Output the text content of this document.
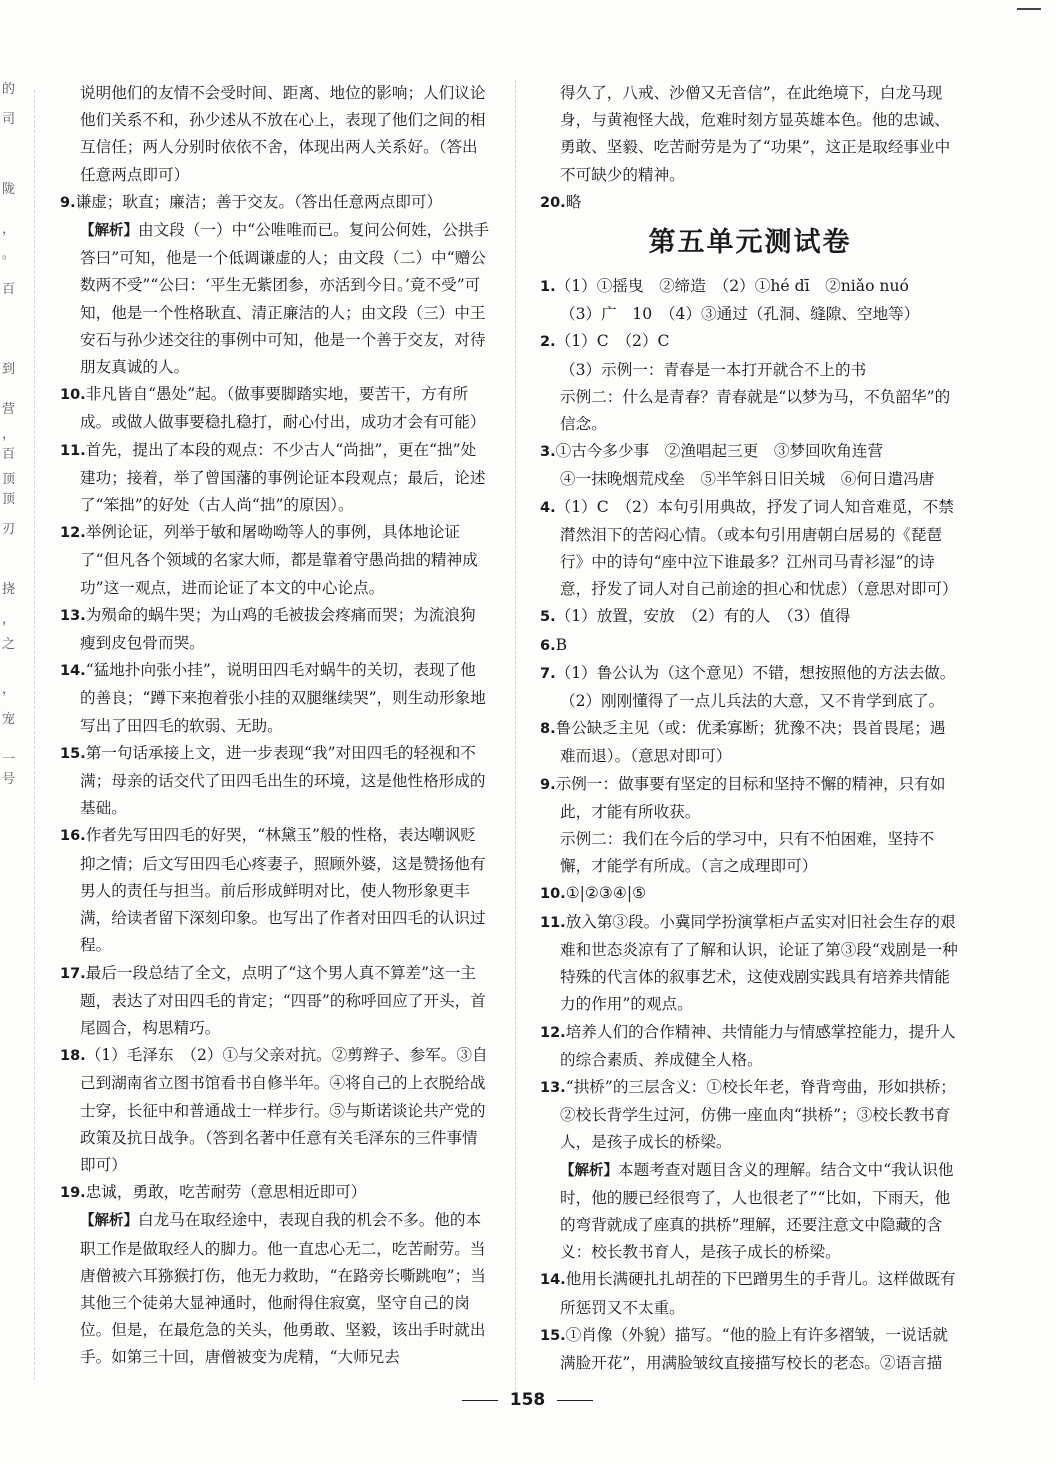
的
司
陇
，
。
百
到
营
，
百
顶
顶
刃
挠
，
之
，
宠
一
号

说明他们的友情不会受时间、距离、地位的影响；人们议论他们关系不和，孙少述从不放在心上，表现了他们之间的相互信任；两人分别时依依不舍，体现出两人关系好。（答出任意两点即可）

9.谦虚；耿直；廉洁；善于交友。（答出任意两点即可）

【解析】由文段（一）中“公唯唯而已。复问公何姓，公拱手答曰”可知，他是一个低调谦虚的人；由文段（二）中“赠公数两不受”“公曰：‘平生无紫团参，亦活到今日。’竟不受”可知，他是一个性格耿直、清正廉洁的人；由文段（三）中王安石与孙少述交往的事例中可知，他是一个善于交友，对待朋友真诚的人。

10.非凡皆自“愚处”起。（做事要脚踏实地，要苦干，方有所成。或做人做事要稳扎稳打，耐心付出，成功才会有可能）

11.首先，提出了本段的观点：不少古人“尚拙”，更在“拙”处建功；接着，举了曾国藩的事例论证本段观点；最后，论述了“笨拙”的好处（古人尚“拙”的原因）。

12.举例论证，列举于敏和屠呦呦等人的事例，具体地论证了“但凡各个领域的名家大师，都是靠着守愚尚拙的精神成功”这一观点，进而论证了本文的中心论点。

13.为殒命的蜗牛哭；为山鸡的毛被拔会疼痛而哭；为流浪狗瘦到皮包骨而哭。

14.“猛地扑向张小挂”，说明田四毛对蜗牛的关切，表现了他的善良；“蹲下来抱着张小挂的双腿继续哭”，则生动形象地写出了田四毛的软弱、无助。

15.第一句话承接上文，进一步表现“我”对田四毛的轻视和不满；母亲的话交代了田四毛出生的环境，这是他性格形成的基础。

16.作者先写田四毛的好哭，“林黛玉”般的性格，表达嘲讽贬抑之情；后文写田四毛心疼妻子，照顾外婆，这是赞扬他有男人的责任与担当。前后形成鲜明对比，使人物形象更丰满，给读者留下深刻印象。也写出了作者对田四毛的认识过程。

17.最后一段总结了全文，点明了“这个男人真不算差”这一主题，表达了对田四毛的肯定；“四哥”的称呼回应了开头，首尾圆合，构思精巧。

18.（1）毛泽东　（2）①与父亲对抗。②剪辫子、参军。③自己到湖南省立图书馆看书自修半年。④将自己的上衣脱给战士穿，长征中和普通战士一样步行。⑤与斯诺谈论共产党的政策及抗日战争。（答到名著中任意有关毛泽东的三件事情即可）

19.忠诚，勇敢，吃苦耐劳（意思相近即可）

【解析】白龙马在取经途中，表现自我的机会不多。他的本职工作是做取经人的脚力。他一直忠心无二，吃苦耐劳。当唐僧被六耳猕猴打伤，他无力救助，“在路旁长嘶跳咆”；当其他三个徒弟大显神通时，他耐得住寂寞，坚守自己的岗位。但是，在最危急的关头，他勇敢、坚毅，该出手时就出手。如第三十回，唐僧被变为虎精，“大师兄去

得久了，八戒、沙僧又无音信”，在此绝境下，白龙马现身，与黄袍怪大战，危难时刻方显英雄本色。他的忠诚、勇敢、坚毅、吃苦耐劳是为了“功果”，这正是取经事业中不可缺少的精神。

20.略

第五单元测试卷

1.（1）①摇曳　②缔造　（2）①hé dī　②niǎo nuó

（3）广　10　（4）③通过（孔洞、缝隙、空地等）

2.（1）C　（2）C

（3）示例一：青春是一本打开就合不上的书

示例二：什么是青春？青春就是“以梦为马，不负韶华”的信念。

3.①古今多少事　②渔唱起三更　③梦回吹角连营

④一抹晚烟荒戍垒　⑤半竿斜日旧关城　⑥何日遣冯唐

4.（1）C　（2）本句引用典故，抒发了词人知音难觅，不禁潸然泪下的苦闷心情。（或本句引用唐朝白居易的《琵琶行》中的诗句“座中泣下谁最多？江州司马青衫湿”的诗意，抒发了词人对自己前途的担心和忧虑）（意思对即可）

5.（1）放置，安放　（2）有的人　（3）值得

6.B

7.（1）鲁公认为（这个意见）不错，想按照他的方法去做。

（2）刚刚懂得了一点儿兵法的大意，又不肯学到底了。

8.鲁公缺乏主见（或：优柔寡断；犹豫不决；畏首畏尾；遇难而退）。（意思对即可）

9.示例一：做事要有坚定的目标和坚持不懈的精神，只有如此，才能有所收获。

示例二：我们在今后的学习中，只有不怕困难，坚持不懈，才能学有所成。（言之成理即可）

10.①|②③④|⑤

11.放入第③段。小冀同学扮演掌柜卢孟实对旧社会生存的艰难和世态炎凉有了了解和认识，论证了第③段“戏剧是一种特殊的代言体的叙事艺术，这使戏剧实践具有培养共情能力的作用”的观点。

12.培养人们的合作精神、共情能力与情感掌控能力，提升人的综合素质、养成健全人格。

13.“拱桥”的三层含义：①校长年老，脊背弯曲，形如拱桥；②校长背学生过河，仿佛一座血肉“拱桥”；③校长教书育人，是孩子成长的桥梁。

【解析】本题考查对题目含义的理解。结合文中“我认识他时，他的腰已经很弯了，人也很老了”“比如，下雨天，他的弯背就成了座真的拱桥”理解，还要注意文中隐藏的含义：校长教书育人，是孩子成长的桥梁。

14.他用长满硬扎扎胡茬的下巴蹭男生的手背儿。这样做既有所惩罚又不太重。

15.①肖像（外貌）描写。“他的脸上有许多褶皱，一说话就满脸开花”，用满脸皱纹直接描写校长的老态。②语言描

158
